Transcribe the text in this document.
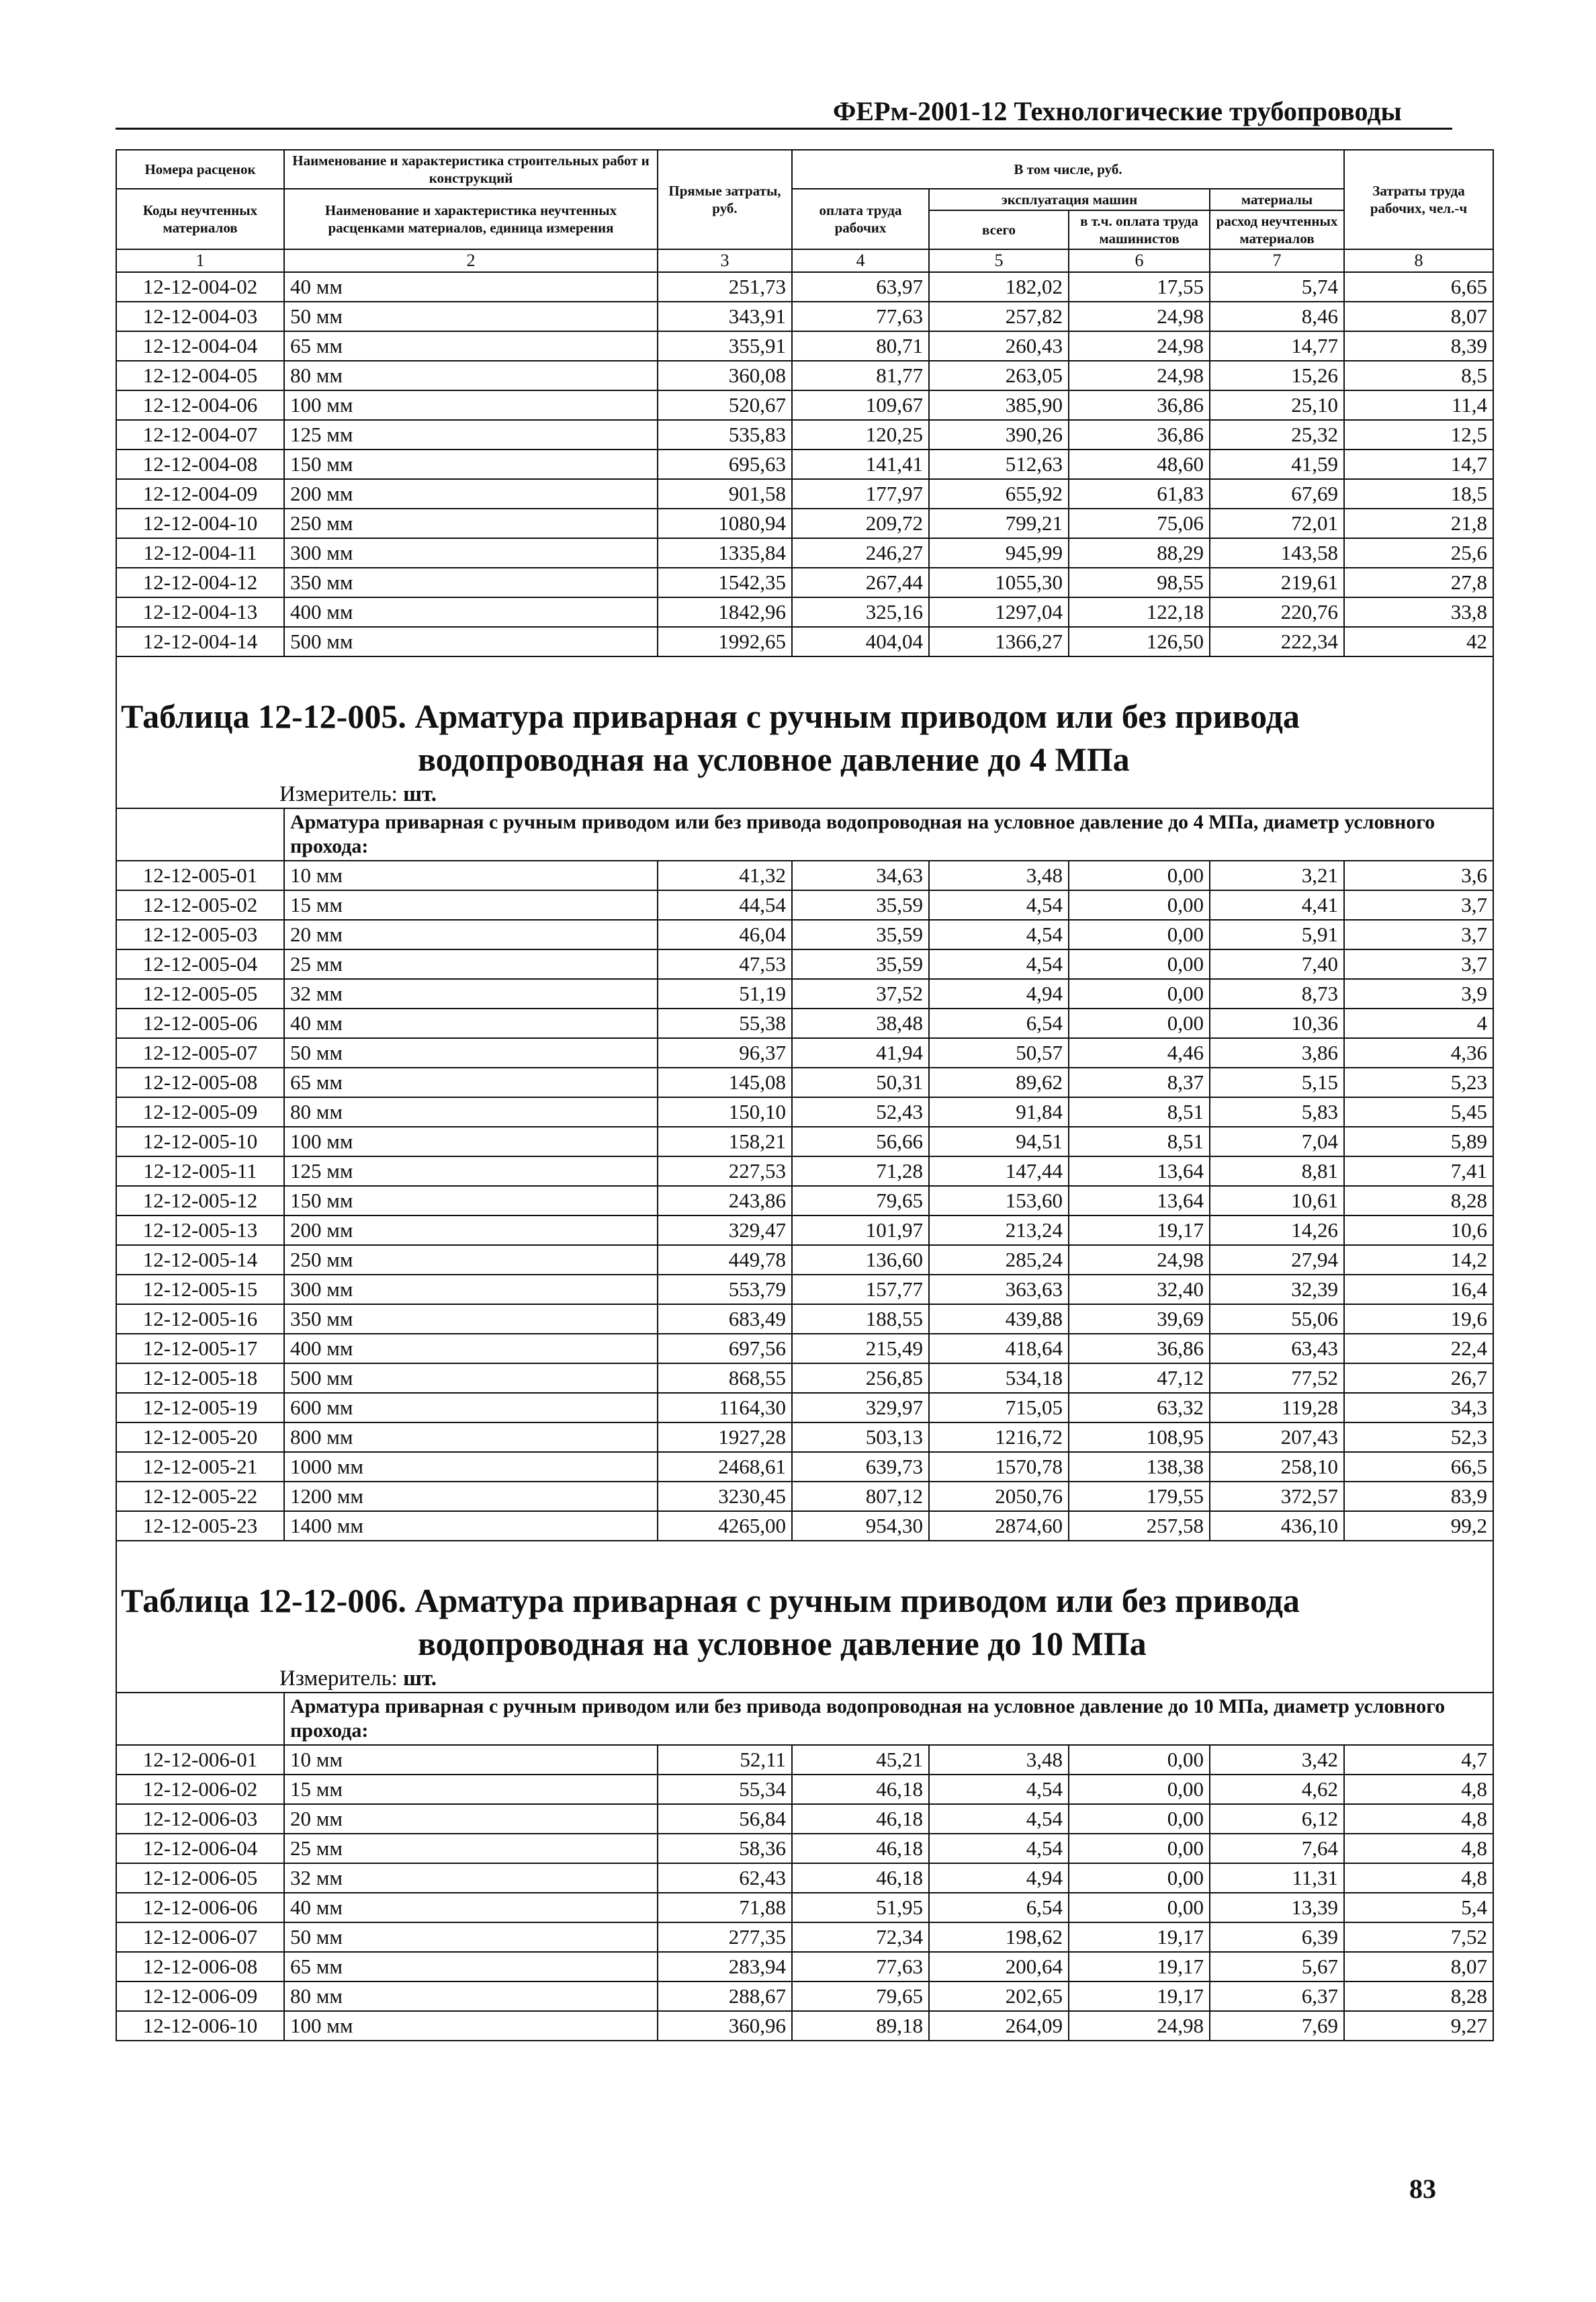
ФЕРм-2001-12 Технологические трубопроводы
Номера расценок	Наименование и характеристика строительных работ и конструкций	Прямые затраты, руб.	В том числе, руб.				Затраты труда рабочих, чел.-ч
Коды неучтенных материалов	Наименование и характеристика неучтенных расценками материалов, единица измерения		оплата труда рабочих	эксплуатация машин		материалы	
				всего	в т.ч. оплата труда машинистов	расход неучтенных материалов	
1	2	3	4	5	6	7	8
12-12-004-02	40 мм	251,73	63,97	182,02	17,55	5,74	6,65
12-12-004-03	50 мм	343,91	77,63	257,82	24,98	8,46	8,07
12-12-004-04	65 мм	355,91	80,71	260,43	24,98	14,77	8,39
12-12-004-05	80 мм	360,08	81,77	263,05	24,98	15,26	8,5
12-12-004-06	100 мм	520,67	109,67	385,90	36,86	25,10	11,4
12-12-004-07	125 мм	535,83	120,25	390,26	36,86	25,32	12,5
12-12-004-08	150 мм	695,63	141,41	512,63	48,60	41,59	14,7
12-12-004-09	200 мм	901,58	177,97	655,92	61,83	67,69	18,5
12-12-004-10	250 мм	1080,94	209,72	799,21	75,06	72,01	21,8
12-12-004-11	300 мм	1335,84	246,27	945,99	88,29	143,58	25,6
12-12-004-12	350 мм	1542,35	267,44	1055,30	98,55	219,61	27,8
12-12-004-13	400 мм	1842,96	325,16	1297,04	122,18	220,76	33,8
12-12-004-14	500 мм	1992,65	404,04	1366,27	126,50	222,34	42

Таблица 12-12-005. Арматура приварная с ручным приводом или без привода
водопроводная на условное давление до 4 МПа							

Измеритель: шт.							
	Арматура приварная с ручным приводом или без привода водопроводная на условное давление до 4 МПа, диаметр условного прохода:						
12-12-005-01	10 мм	41,32	34,63	3,48	0,00	3,21	3,6
12-12-005-02	15 мм	44,54	35,59	4,54	0,00	4,41	3,7
12-12-005-03	20 мм	46,04	35,59	4,54	0,00	5,91	3,7
12-12-005-04	25 мм	47,53	35,59	4,54	0,00	7,40	3,7
12-12-005-05	32 мм	51,19	37,52	4,94	0,00	8,73	3,9
12-12-005-06	40 мм	55,38	38,48	6,54	0,00	10,36	4
12-12-005-07	50 мм	96,37	41,94	50,57	4,46	3,86	4,36
12-12-005-08	65 мм	145,08	50,31	89,62	8,37	5,15	5,23
12-12-005-09	80 мм	150,10	52,43	91,84	8,51	5,83	5,45
12-12-005-10	100 мм	158,21	56,66	94,51	8,51	7,04	5,89
12-12-005-11	125 мм	227,53	71,28	147,44	13,64	8,81	7,41
12-12-005-12	150 мм	243,86	79,65	153,60	13,64	10,61	8,28
12-12-005-13	200 мм	329,47	101,97	213,24	19,17	14,26	10,6
12-12-005-14	250 мм	449,78	136,60	285,24	24,98	27,94	14,2
12-12-005-15	300 мм	553,79	157,77	363,63	32,40	32,39	16,4
12-12-005-16	350 мм	683,49	188,55	439,88	39,69	55,06	19,6
12-12-005-17	400 мм	697,56	215,49	418,64	36,86	63,43	22,4
12-12-005-18	500 мм	868,55	256,85	534,18	47,12	77,52	26,7
12-12-005-19	600 мм	1164,30	329,97	715,05	63,32	119,28	34,3
12-12-005-20	800 мм	1927,28	503,13	1216,72	108,95	207,43	52,3
12-12-005-21	1000 мм	2468,61	639,73	1570,78	138,38	258,10	66,5
12-12-005-22	1200 мм	3230,45	807,12	2050,76	179,55	372,57	83,9
12-12-005-23	1400 мм	4265,00	954,30	2874,60	257,58	436,10	99,2

Таблица 12-12-006. Арматура приварная с ручным приводом или без привода
водопроводная на условное давление до 10 МПа							

Измеритель: шт.							
	Арматура приварная с ручным приводом или без привода водопроводная на условное давление до 10 МПа, диаметр условного прохода:						
12-12-006-01	10 мм	52,11	45,21	3,48	0,00	3,42	4,7
12-12-006-02	15 мм	55,34	46,18	4,54	0,00	4,62	4,8
12-12-006-03	20 мм	56,84	46,18	4,54	0,00	6,12	4,8
12-12-006-04	25 мм	58,36	46,18	4,54	0,00	7,64	4,8
12-12-006-05	32 мм	62,43	46,18	4,94	0,00	11,31	4,8
12-12-006-06	40 мм	71,88	51,95	6,54	0,00	13,39	5,4
12-12-006-07	50 мм	277,35	72,34	198,62	19,17	6,39	7,52
12-12-006-08	65 мм	283,94	77,63	200,64	19,17	5,67	8,07
12-12-006-09	80 мм	288,67	79,65	202,65	19,17	6,37	8,28
12-12-006-10	100 мм	360,96	89,18	264,09	24,98	7,69	9,27
83
